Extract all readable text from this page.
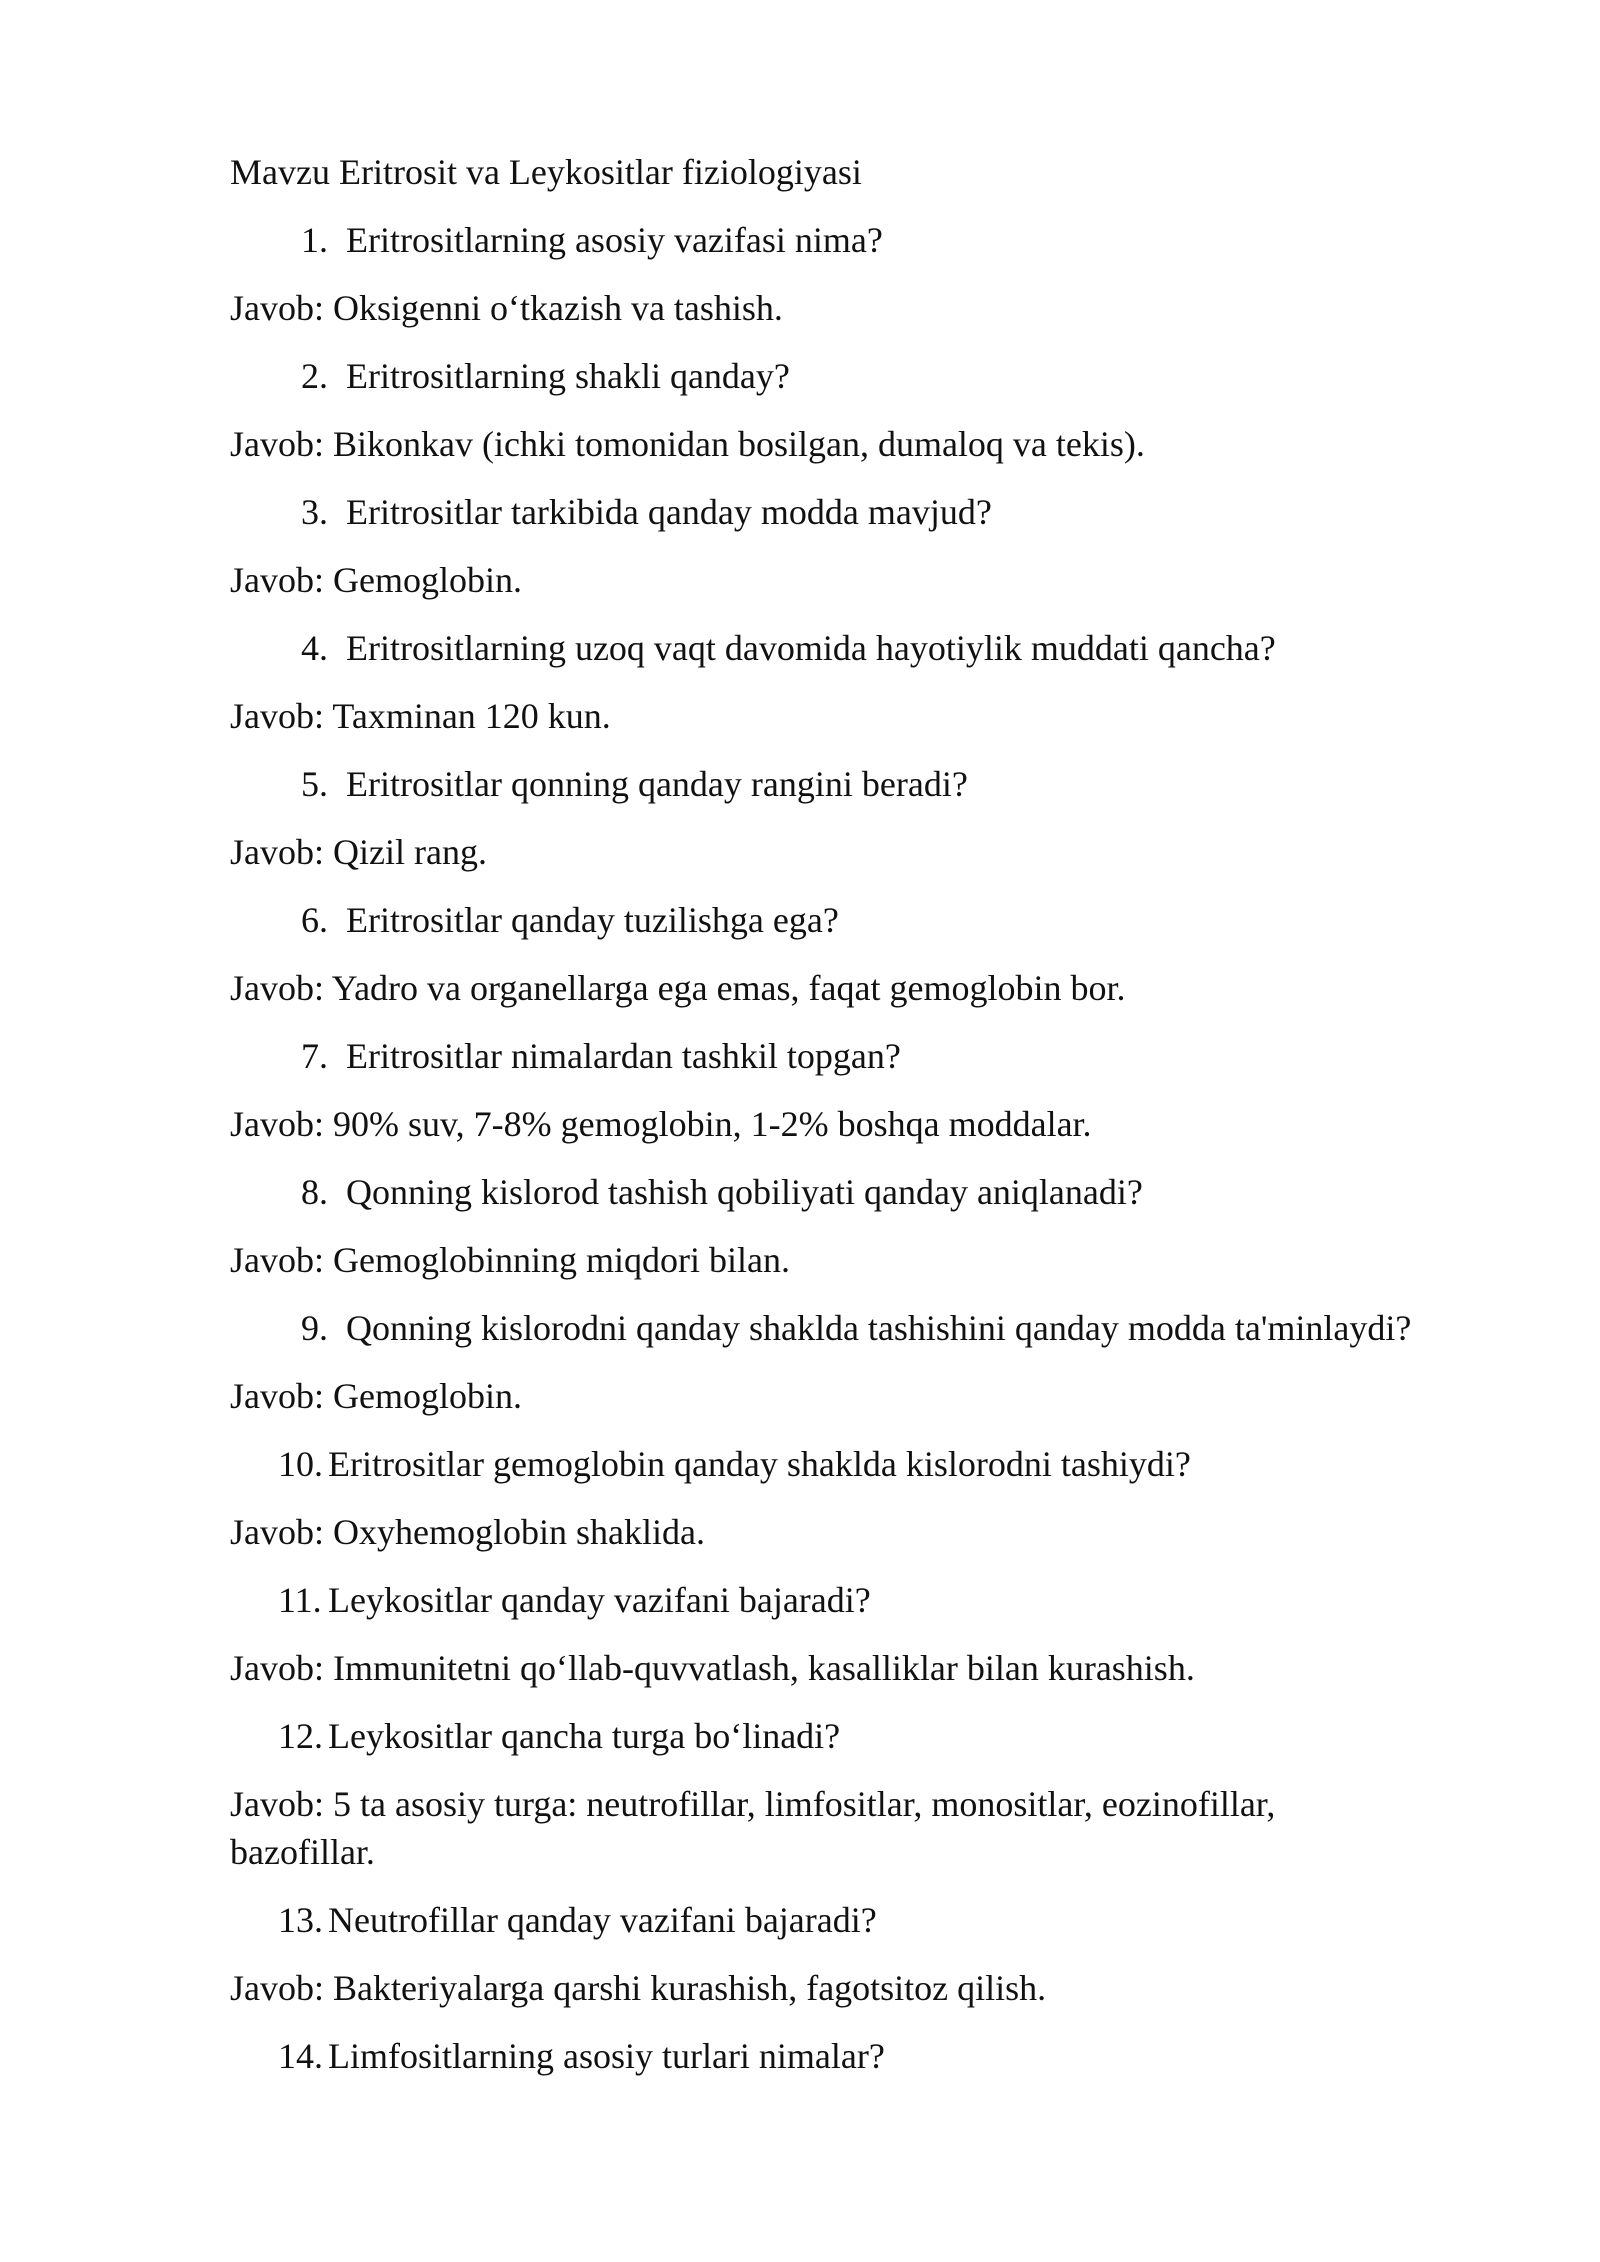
Mavzu Eritrosit va Leykositlar fiziologiyasi

1. Eritrositlarning asosiy vazifasi nima?
Javob: Oksigenni o‘tkazish va tashish.
2. Eritrositlarning shakli qanday?
Javob: Bikonkav (ichki tomonidan bosilgan, dumaloq va tekis).
3. Eritrositlar tarkibida qanday modda mavjud?
Javob: Gemoglobin.
4. Eritrositlarning uzoq vaqt davomida hayotiylik muddati qancha?
Javob: Taxminan 120 kun.
5. Eritrositlar qonning qanday rangini beradi?
Javob: Qizil rang.
6. Eritrositlar qanday tuzilishga ega?
Javob: Yadro va organellarga ega emas, faqat gemoglobin bor.
7. Eritrositlar nimalardan tashkil topgan?
Javob: 90% suv, 7-8% gemoglobin, 1-2% boshqa moddalar.
8. Qonning kislorod tashish qobiliyati qanday aniqlanadi?
Javob: Gemoglobinning miqdori bilan.
9. Qonning kislorodni qanday shaklda tashishini qanday modda ta'minlaydi?
Javob: Gemoglobin.
10. Eritrositlar gemoglobin qanday shaklda kislorodni tashiydi?
Javob: Oxyhemoglobin shaklida.
11. Leykositlar qanday vazifani bajaradi?
Javob: Immunitetni qo‘llab-quvvatlash, kasalliklar bilan kurashish.
12. Leykositlar qancha turga bo‘linadi?
Javob: 5 ta asosiy turga: neutrofillar, limfositlar, monositlar, eozinofillar, bazofillar.
13. Neutrofillar qanday vazifani bajaradi?
Javob: Bakteriyalarga qarshi kurashish, fagotsitoz qilish.
14. Limfositlarning asosiy turlari nimalar?
